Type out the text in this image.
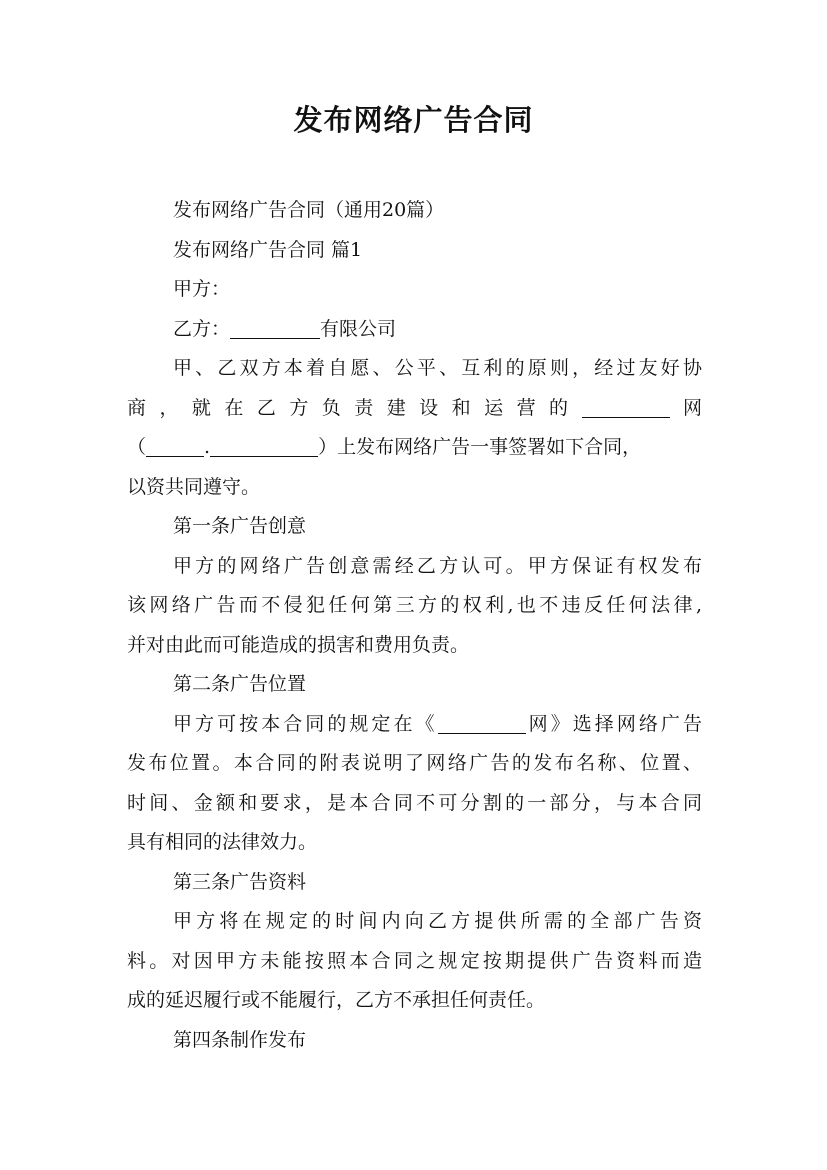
发布网络广告合同

发布网络广告合同（通用20篇）

发布网络广告合同 篇1

甲方：

乙方：	有限公司

甲、乙双方本着自愿、公平、互利的原则，经过友好协

商，就在乙方负责建设和运营的	网

（	.	）上发布网络广告一事签署如下合同，

以资共同遵守。

第一条广告创意

甲方的网络广告创意需经乙方认可。甲方保证有权发布

该网络广告而不侵犯任何第三方的权利,也不违反任何法律,

并对由此而可能造成的损害和费用负责。

第二条广告位置

甲方可按本合同的规定在《	网》选择网络广告

发布位置。本合同的附表说明了网络广告的发布名称、位置、

时间、金额和要求，是本合同不可分割的一部分，与本合同

具有相同的法律效力。

第三条广告资料

甲方将在规定的时间内向乙方提供所需的全部广告资

料。对因甲方未能按照本合同之规定按期提供广告资料而造

成的延迟履行或不能履行，乙方不承担任何责任。

第四条制作发布
